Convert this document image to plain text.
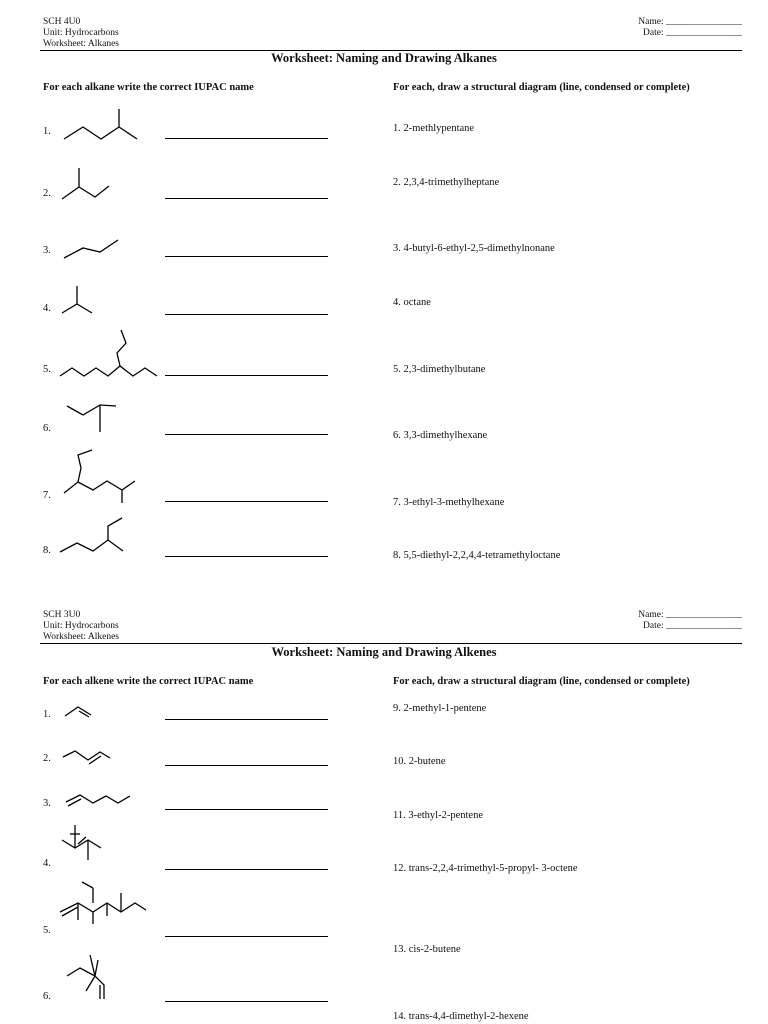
SCH 4U0
Unit: Hydrocarbons
Worksheet: Alkanes
Name: ________________
Date: ________________
Worksheet: Naming and Drawing Alkanes
For each alkane write the correct IUPAC name	For each, draw a structural diagram (line, condensed or complete)
1.
2.
3.
4.
5.
6.
7.
8.
1. 2-methlypentane
2. 2,3,4-trimethylheptane
3. 4-butyl-6-ethyl-2,5-dimethylnonane
4. octane
5. 2,3-dimethylbutane
6. 3,3-dimethylhexane
7. 3-ethyl-3-methylhexane
8. 5,5-diethyl-2,2,4,4-tetramethyloctane
SCH 3U0
Unit: Hydrocarbons
Worksheet: Alkenes
Name: ________________
Date: ________________
Worksheet: Naming and Drawing Alkenes
For each alkene write the correct IUPAC name	For each, draw a structural diagram (line, condensed or complete)
1.
2.
3.
4.
5.
6.
9. 2-methyl-1-pentene
10. 2-butene
11. 3-ethyl-2-pentene
12. trans-2,2,4-trimethyl-5-propyl- 3-octene
13. cis-2-butene
14. trans-4,4-dimethyl-2-hexene
